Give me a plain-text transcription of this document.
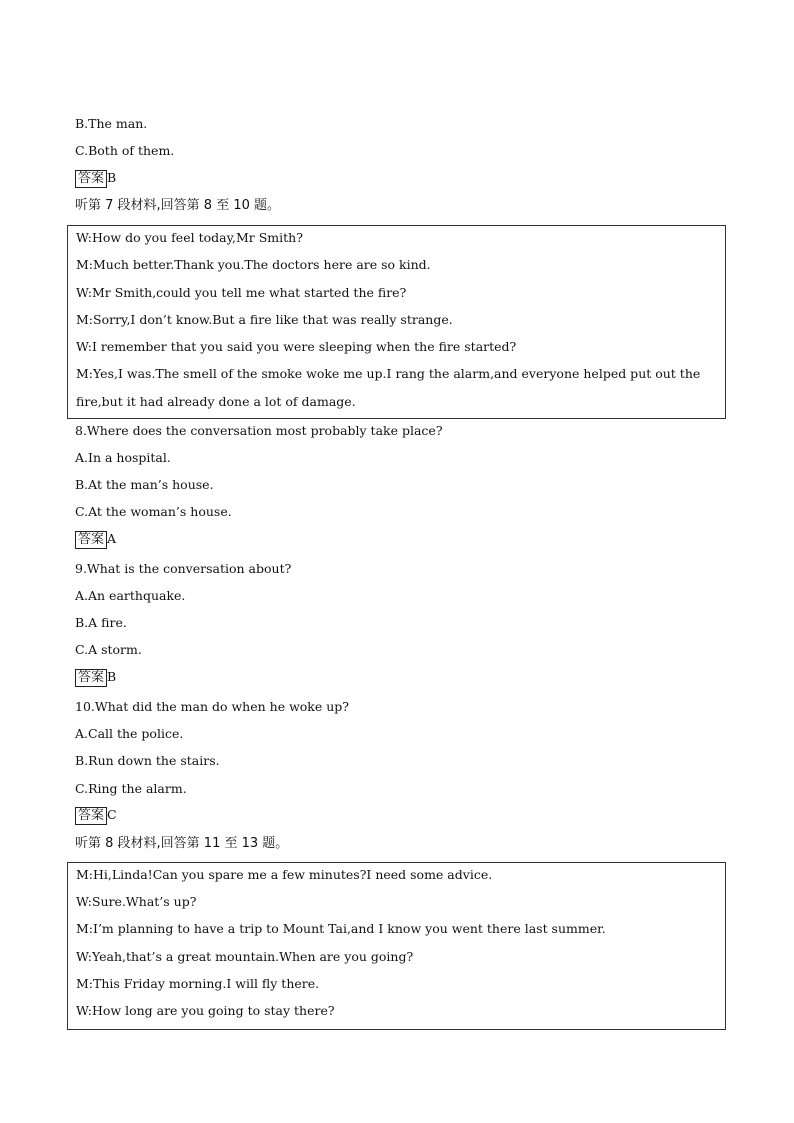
B.The man.
C.Both of them.
答案 B
听第 7 段材料,回答第 8 至 10 题。
W:How do you feel today,Mr Smith?
M:Much better.Thank you.The doctors here are so kind.
W:Mr Smith,could you tell me what started the fire?
M:Sorry,I don’t know.But a fire like that was really strange.
W:I remember that you said you were sleeping when the fire started?
M:Yes,I was.The smell of the smoke woke me up.I rang the alarm,and everyone helped put out the
fire,but it had already done a lot of damage.
8.Where does the conversation most probably take place?
A.In a hospital.
B.At the man’s house.
C.At the woman’s house.
答案 A
9.What is the conversation about?
A.An earthquake.
B.A fire.
C.A storm.
答案 B
10.What did the man do when he woke up?
A.Call the police.
B.Run down the stairs.
C.Ring the alarm.
答案 C
听第 8 段材料,回答第 11 至 13 题。
M:Hi,Linda!Can you spare me a few minutes?I need some advice.
W:Sure.What’s up?
M:I’m planning to have a trip to Mount Tai,and I know you went there last summer.
W:Yeah,that’s a great mountain.When are you going?
M:This Friday morning.I will fly there.
W:How long are you going to stay there?
